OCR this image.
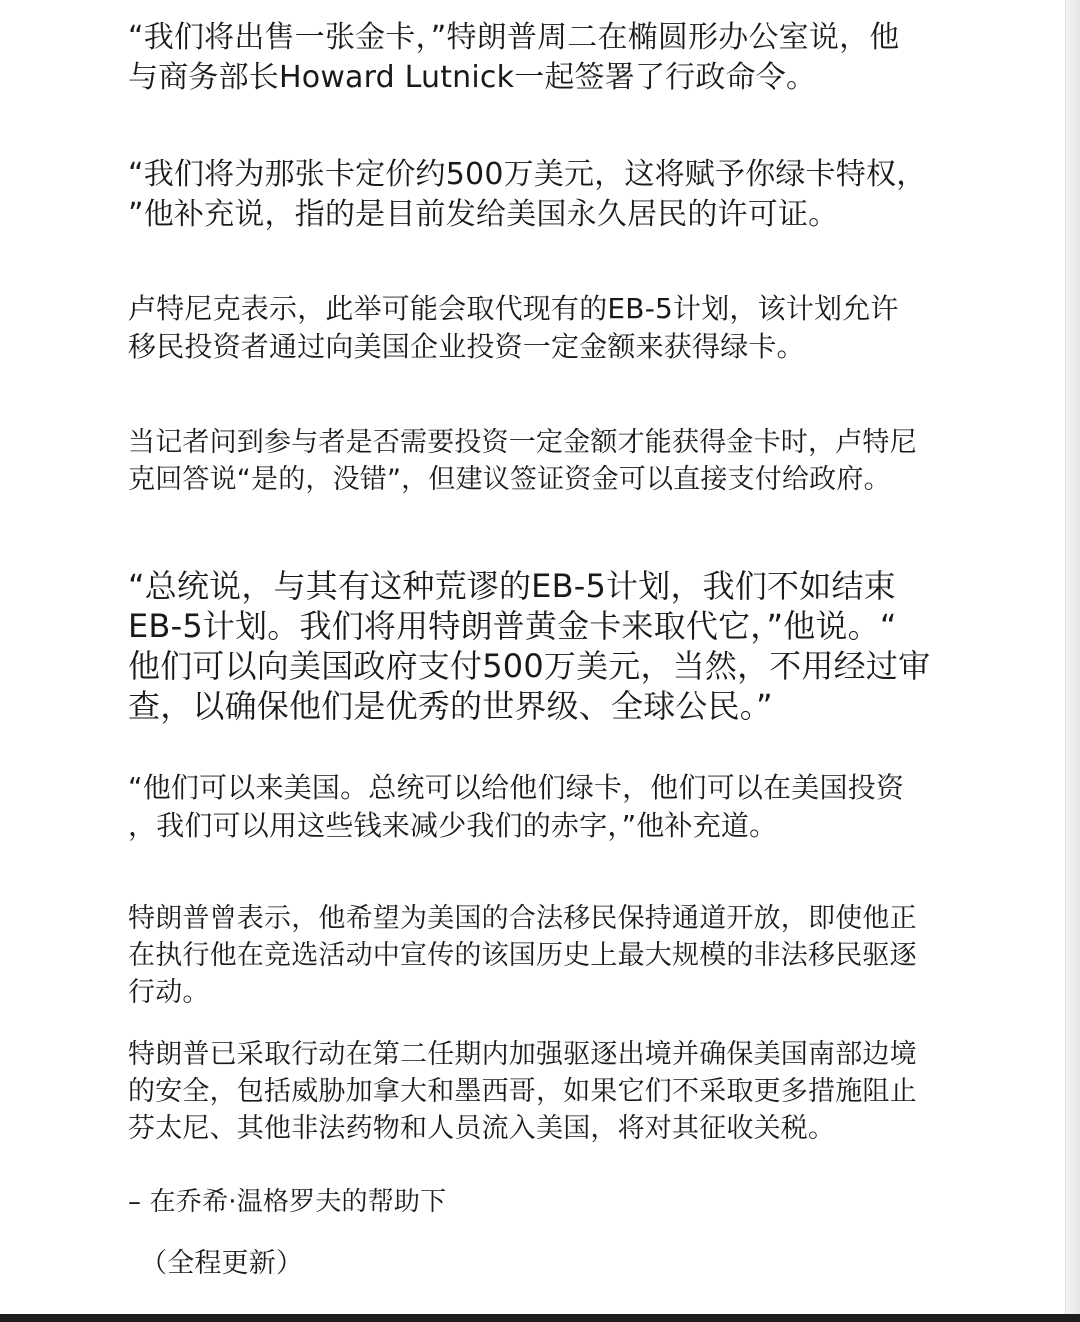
“我们将出售一张金卡，”特朗普周二在椭圆形办公室说，他
与商务部长Howard Lutnick一起签署了行政命令。
“我们将为那张卡定价约500万美元，这将赋予你绿卡特权，
”他补充说，指的是目前发给美国永久居民的许可证。
卢特尼克表示，此举可能会取代现有的EB-5计划，该计划允许
移民投资者通过向美国企业投资一定金额来获得绿卡。
当记者问到参与者是否需要投资一定金额才能获得金卡时，卢特尼
克回答说“是的，没错”，但建议签证资金可以直接支付给政府。
“总统说，与其有这种荒谬的EB-5计划，我们不如结束
EB-5计划。我们将用特朗普黄金卡来取代它，”他说。“
他们可以向美国政府支付500万美元，当然，不用经过审
查，以确保他们是优秀的世界级、全球公民。”
“他们可以来美国。总统可以给他们绿卡，他们可以在美国投资
，我们可以用这些钱来减少我们的赤字，”他补充道。
特朗普曾表示，他希望为美国的合法移民保持通道开放，即使他正
在执行他在竞选活动中宣传的该国历史上最大规模的非法移民驱逐
行动。
特朗普已采取行动在第二任期内加强驱逐出境并确保美国南部边境
的安全，包括威胁加拿大和墨西哥，如果它们不采取更多措施阻止
芬太尼、其他非法药物和人员流入美国，将对其征收关税。
– 在乔希·温格罗夫的帮助下
（全程更新）
